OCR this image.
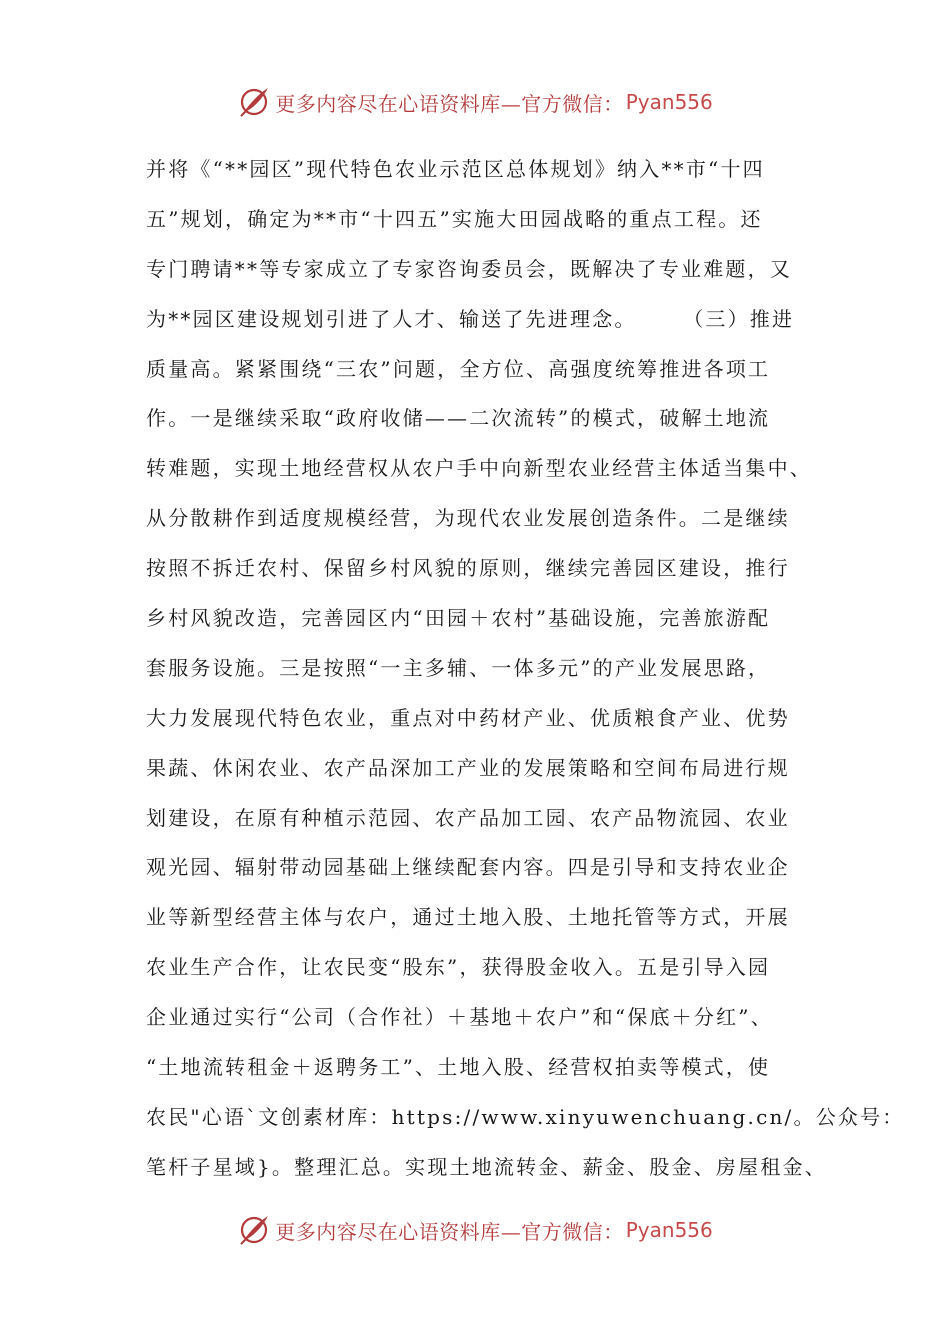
更多内容尽在心语资料库—官方微信： Pyan556
并将《“**园区”现代特色农业示范区总体规划》纳入**市“十四
五”规划，确定为**市“十四五”实施大田园战略的重点工程。还
专门聘请**等专家成立了专家咨询委员会，既解决了专业难题，又
为**园区建设规划引进了人才、输送了先进理念。　　　（三）推进
质量高。紧紧围绕“三农”问题，全方位、高强度统筹推进各项工
作。一是继续采取“政府收储——二次流转”的模式，破解土地流
转难题，实现土地经营权从农户手中向新型农业经营主体适当集中、
从分散耕作到适度规模经营，为现代农业发展创造条件。二是继续
按照不拆迁农村、保留乡村风貌的原则，继续完善园区建设，推行
乡村风貌改造，完善园区内“田园＋农村”基础设施，完善旅游配
套服务设施。三是按照“一主多辅、一体多元”的产业发展思路，
大力发展现代特色农业，重点对中药材产业、优质粮食产业、优势
果蔬、休闲农业、农产品深加工产业的发展策略和空间布局进行规
划建设，在原有种植示范园、农产品加工园、农产品物流园、农业
观光园、辐射带动园基础上继续配套内容。四是引导和支持农业企
业等新型经营主体与农户，通过土地入股、土地托管等方式，开展
农业生产合作，让农民变“股东”，获得股金收入。五是引导入园
企业通过实行“公司（合作社）＋基地＋农户”和“保底＋分红”、
“土地流转租金＋返聘务工”、土地入股、经营权拍卖等模式，使
农民"心语`文创素材库：https://www.xinyuwenchuang.cn/。公众号：
笔杆子星域}。整理汇总。实现土地流转金、薪金、股金、房屋租金、
更多内容尽在心语资料库—官方微信： Pyan556
